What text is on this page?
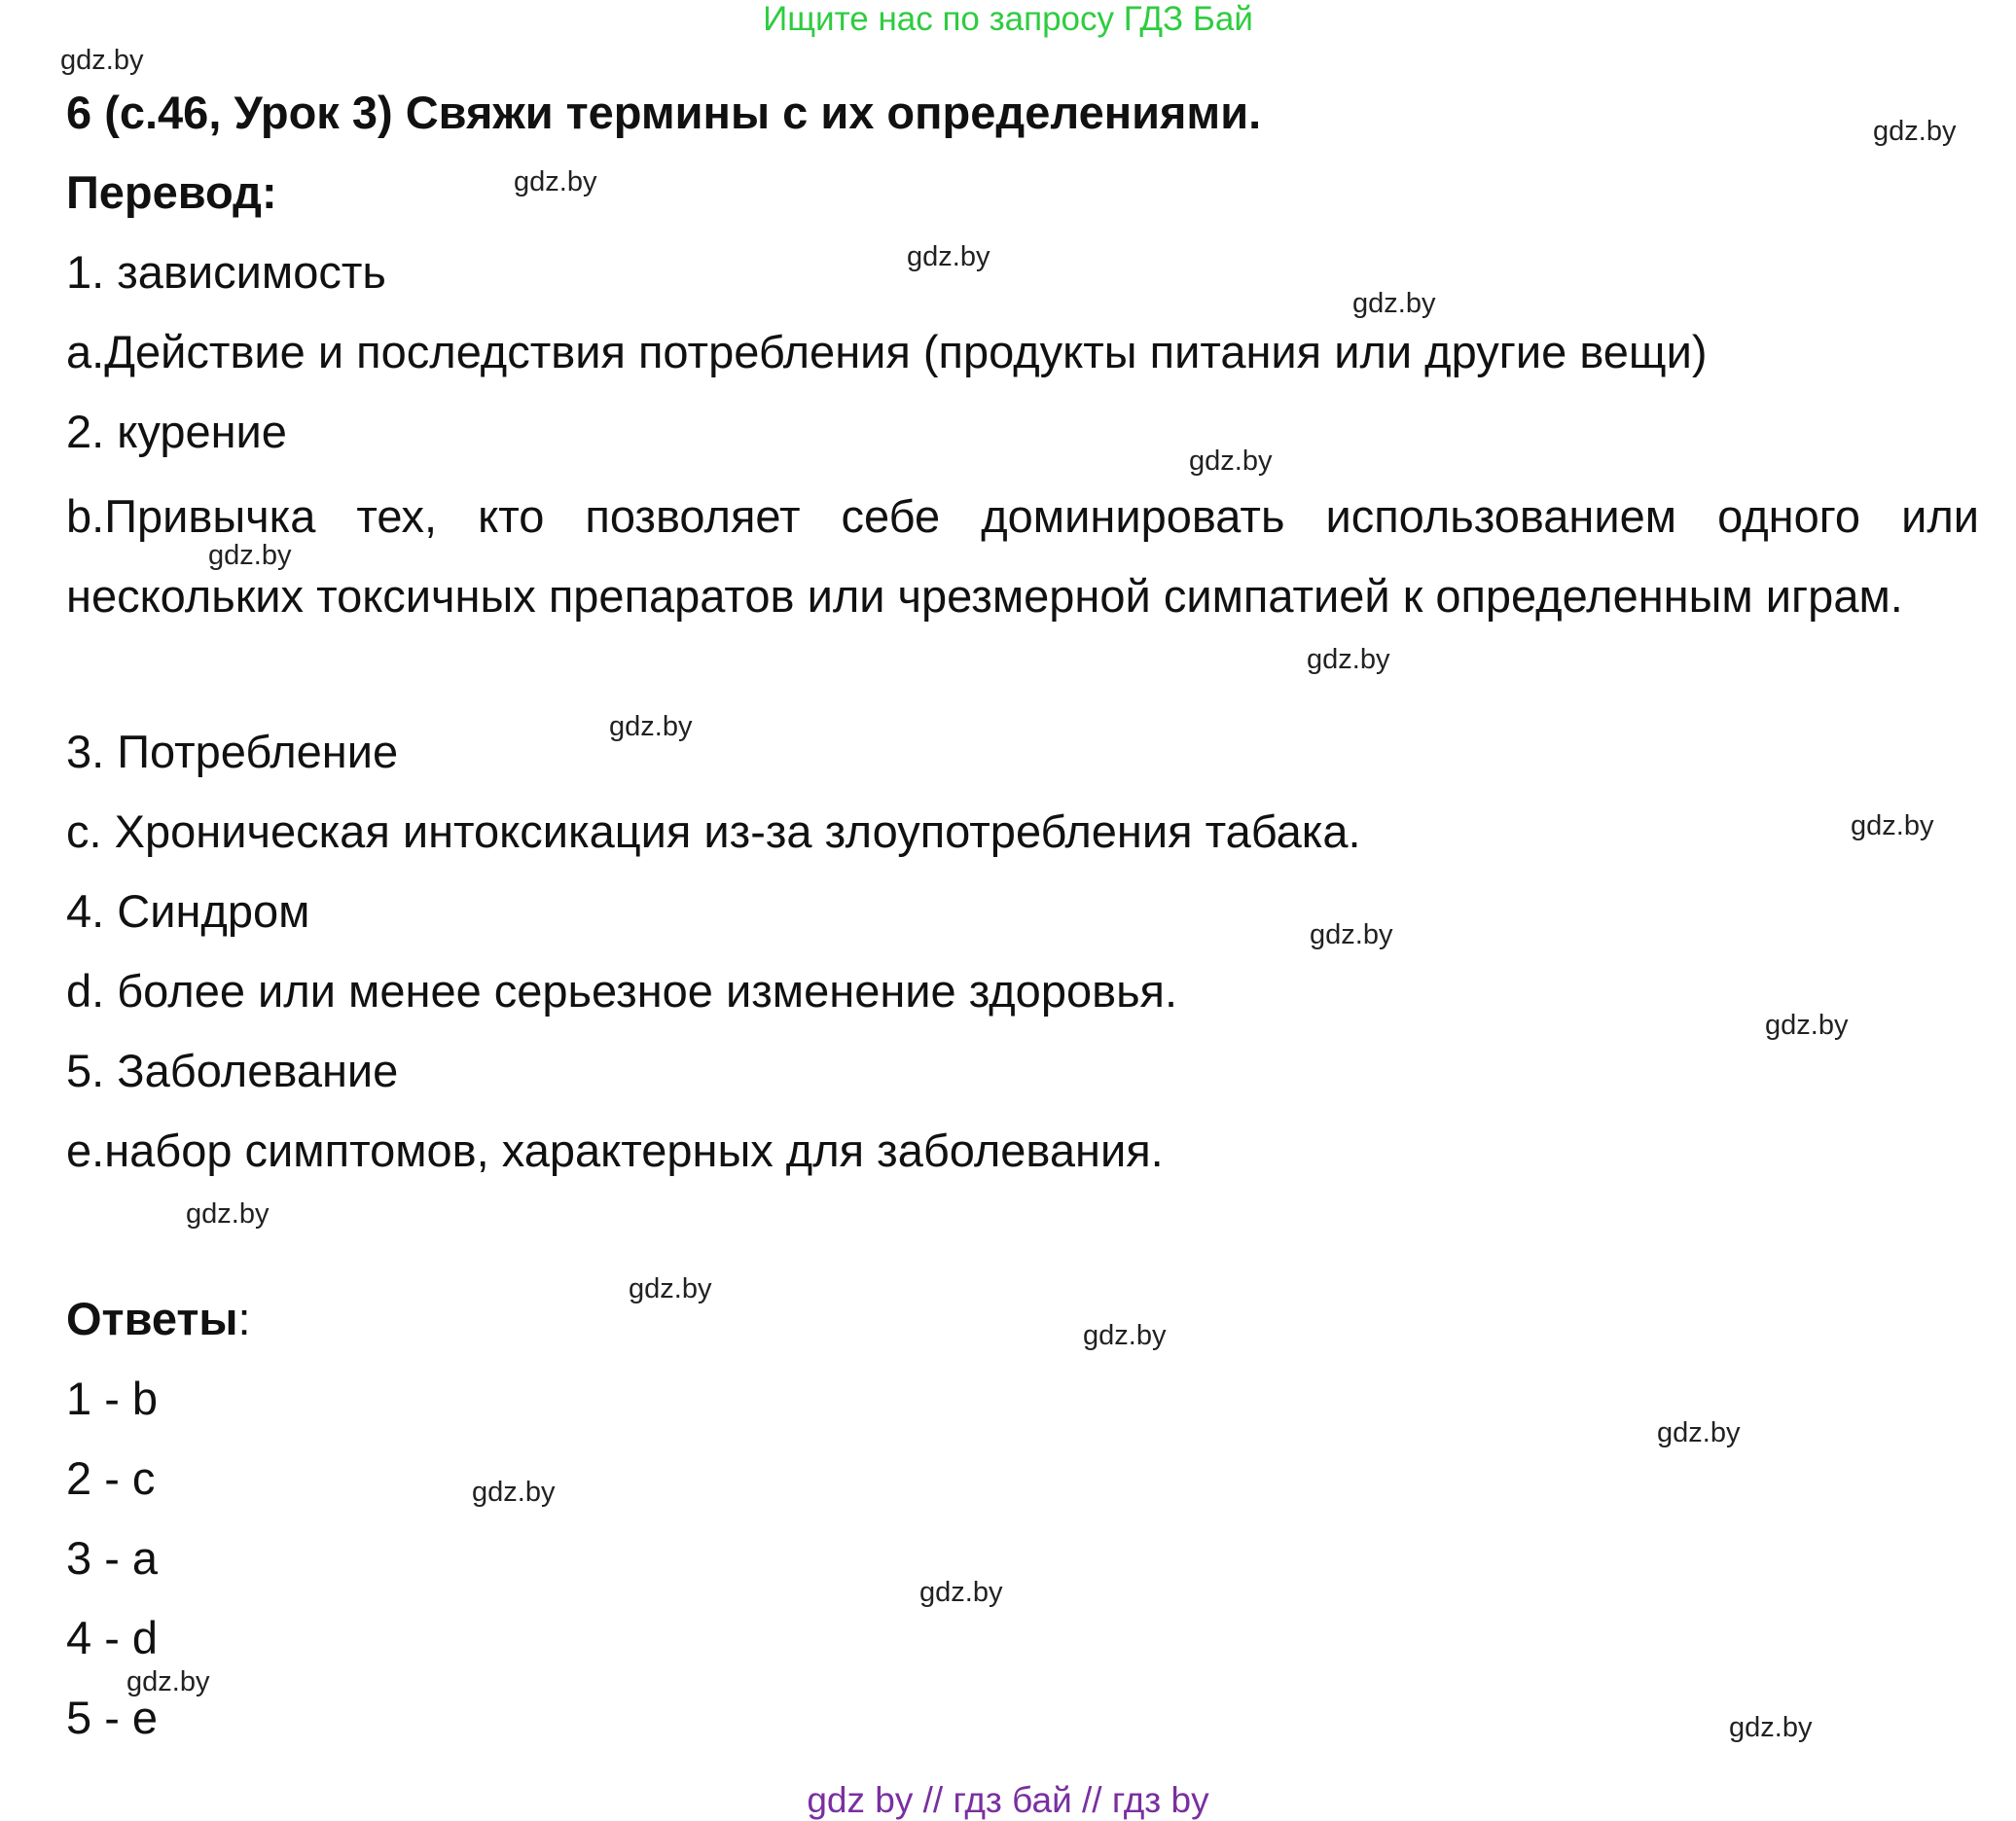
Ищите нас по запросу ГДЗ Бай
6 (с.46, Урок 3) Свяжи термины с их определениями.
Перевод:
1. зависимость
а.Действие и последствия потребления (продукты питания или другие вещи)
2. курение
b.Привычка тех, кто позволяет себе доминировать использованием одного или нескольких токсичных препаратов или чрезмерной симпатией к определенным играм.
3. Потребление
c. Хроническая интоксикация из-за злоупотребления табака.
4. Синдром
d. более или менее серьезное изменение здоровья.
5. Заболевание
e.набор симптомов, характерных для заболевания.
Ответы:
1 - b
2 - c
3 - a
4 - d
5 - e
gdz.by
gdz.by
gdz.by
gdz.by
gdz.by
gdz.by
gdz.by
gdz.by
gdz.by
gdz.by
gdz.by
gdz.by
gdz.by
gdz.by
gdz.by
gdz.by
gdz.by
gdz.by
gdz.by
gdz.by
gdz by // гдз бай // гдз by
